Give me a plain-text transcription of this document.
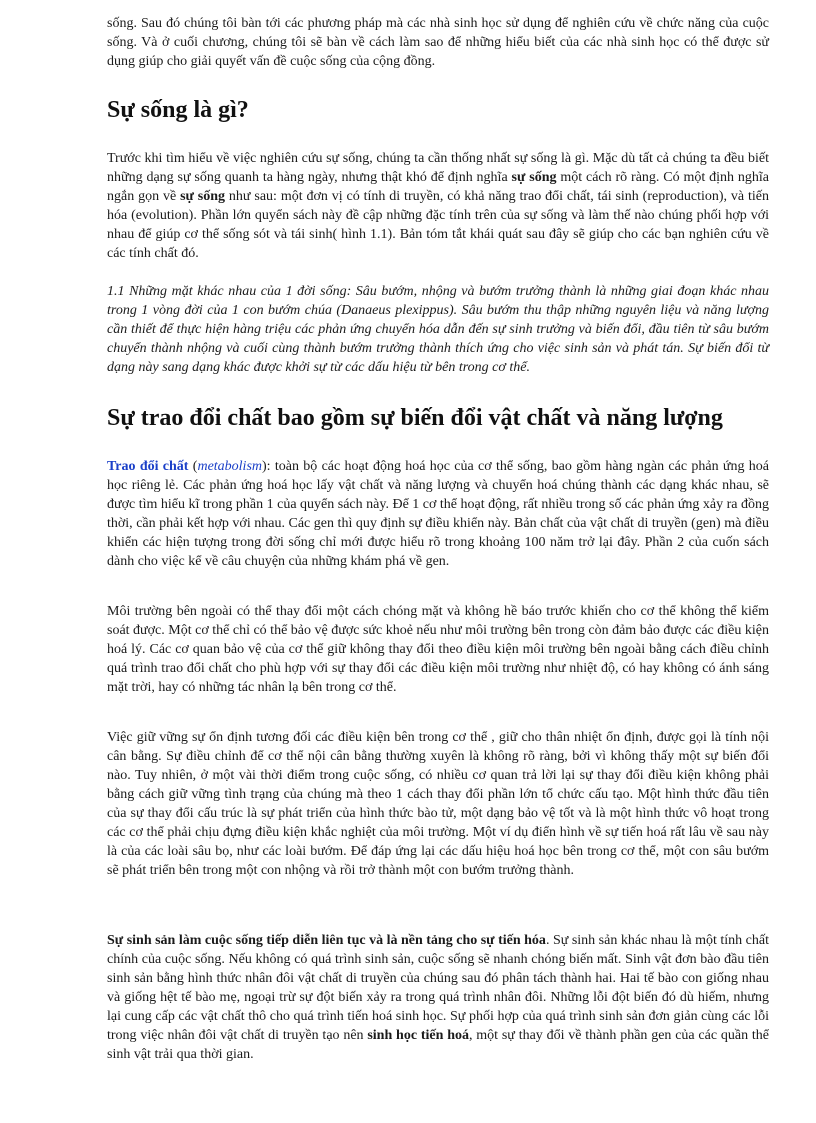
sống. Sau đó chúng tôi bàn tới các phương pháp mà các nhà sinh học sử dụng để nghiên cứu về chức năng của cuộc sống. Và ở cuối chương, chúng tôi sẽ bàn về cách làm sao để những hiểu biết của các nhà sinh học có thể được sử dụng giúp cho giải quyết vấn đề cuộc sống của cộng đồng.

Sự sống là gì?

Trước khi tìm hiểu về việc nghiên cứu sự sống, chúng ta cần thống nhất sự sống là gì. Mặc dù tất cả chúng ta đều biết những dạng sự sống quanh ta hàng ngày, nhưng thật khó để định nghĩa sự sống một cách rõ ràng. Có một định nghĩa ngắn gọn về sự sống như sau: một đơn vị có tính di truyền, có khả năng trao đổi chất, tái sinh (reproduction), và tiến hóa (evolution). Phần lớn quyển sách này đề cập những đặc tính trên của sự sống và làm thế nào chúng phối hợp với nhau để giúp cơ thể sống sót và tái sinh( hình 1.1). Bản tóm tắt khái quát sau đây sẽ giúp cho các bạn nghiên cứu về các tính chất đó.

1.1 Những mặt khác nhau của 1 đời sống: Sâu bướm, nhộng và bướm trưởng thành là những giai đoạn khác nhau trong 1 vòng đời của 1 con bướm chúa (Danaeus plexippus). Sâu bướm thu thập những nguyên liệu và năng lượng cần thiết để thực hiện hàng triệu các phản ứng chuyển hóa dẫn đến sự sinh trưởng và biến đổi, đầu tiên từ sâu bướm chuyển thành nhộng và cuối cùng thành bướm trưởng thành thích ứng cho việc sinh sản và phát tán. Sự biến đổi từ dạng này sang dạng khác được khởi sự từ các dấu hiệu từ bên trong cơ thể.

Sự trao đổi chất bao gồm sự biến đổi vật chất và năng lượng

Trao đổi chất (metabolism): toàn bộ các hoạt động hoá học của cơ thể sống, bao gồm hàng ngàn các phản ứng hoá học riêng lẻ. Các phản ứng hoá học lấy vật chất và năng lượng và chuyển hoá chúng thành các dạng khác nhau, sẽ được tìm hiểu kĩ trong phần 1 của quyển sách này. Để 1 cơ thể hoạt động, rất nhiều trong số các phản ứng xảy ra đồng thời, cần phải kết hợp với nhau. Các gen thì quy định sự điều khiển này. Bản chất của vật chất di truyền (gen) mà điều khiển các hiện tượng trong đời sống chỉ mới được hiểu rõ trong khoảng 100 năm trở lại đây. Phần 2 của cuốn sách dành cho việc kể về câu chuyện của những khám phá về gen.

Môi trường bên ngoài có thể thay đổi một cách chóng mặt và không hề báo trước khiến cho cơ thể không thể kiểm soát được. Một cơ thể chỉ có thể bảo vệ được sức khoẻ nếu như môi trường bên trong còn đảm bảo được các điều kiện hoá lý. Các cơ quan bảo vệ của cơ thể giữ không thay đổi theo điều kiện môi trường bên ngoài bằng cách điều chỉnh quá trình trao đổi chất cho phù hợp với sự thay đổi các điều kiện môi trường như nhiệt độ, có hay không có ánh sáng mặt trời, hay có những tác nhân lạ bên trong cơ thể.

Việc giữ vững sự ổn định tương đối các điều kiện bên trong cơ thể , giữ cho thân nhiệt ổn định, được gọi là tính nội cân bằng. Sự điều chỉnh để cơ thể nội cân bằng thường xuyên là không rõ ràng, bởi vì không thấy một sự biến đổi nào. Tuy nhiên, ở một vài thời điểm trong cuộc sống, có nhiều cơ quan trả lời lại sự thay đổi điều kiện không phải bằng cách giữ vững tình trạng của chúng mà theo 1 cách thay đổi phần lớn tổ chức cấu tạo. Một hình thức đầu tiên của sự thay đổi cấu trúc là sự phát triển của hình thức bào tử, một dạng bảo vệ tốt và là một hình thức vô hoạt trong các cơ thể phải chịu đựng điều kiện khắc nghiệt của môi trường. Một ví dụ điển hình về sự tiến hoá rất lâu về sau này là của các loài sâu bọ, như các loài bướm. Để đáp ứng lại các dấu hiệu hoá học bên trong cơ thể, một con sâu bướm sẽ phát triển bên trong một con nhộng và rồi trở thành một con bướm trưởng thành.

Sự sinh sản làm cuộc sống tiếp diễn liên tục và là nền tảng cho sự tiến hóa. Sự sinh sản khác nhau là một tính chất chính của cuộc sống. Nếu không có quá trình sinh sản, cuộc sống sẽ nhanh chóng biến mất. Sinh vật đơn bào đầu tiên sinh sản bằng hình thức nhân đôi vật chất di truyền của chúng sau đó phân tách thành hai. Hai tế bào con giống nhau và giống hệt tế bào mẹ, ngoại trừ sự đột biến xảy ra trong quá trình nhân đôi. Những lỗi đột biến đó dù hiếm, nhưng lại cung cấp các vật chất thô cho quá trình tiến hoá sinh học. Sự phối hợp của quá trình sinh sản đơn giản cùng các lỗi trong việc nhân đôi vật chất di truyền tạo nên sinh học tiến hoá, một sự thay đổi về thành phần gen của các quần thể sinh vật trải qua thời gian.
